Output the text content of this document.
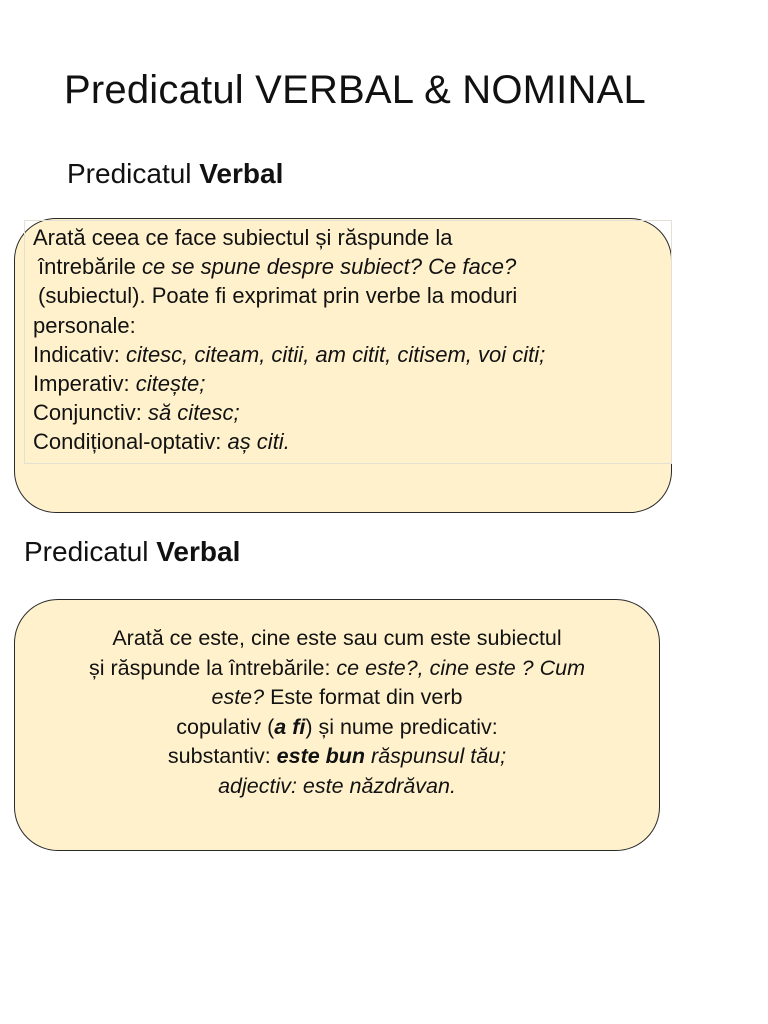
Predicatul VERBAL & NOMINAL
Predicatul Verbal
Arată ceea ce face subiectul și răspunde la
întrebările ce se spune despre subiect? Ce face?
(subiectul). Poate fi exprimat prin verbe la moduri
personale:
Indicativ: citesc, citeam, citii, am citit, citisem, voi citi;
Imperativ: citește;
Conjunctiv: să citesc;
Condițional-optativ: aș citi.
Predicatul Verbal
Arată ce este, cine este sau cum este subiectul
și răspunde la întrebările: ce este?, cine este ? Cum
este? Este format din verb
copulativ (a fi) și nume predicativ:
substantiv: este bun răspunsul tău;
adjectiv: este năzdrăvan.
